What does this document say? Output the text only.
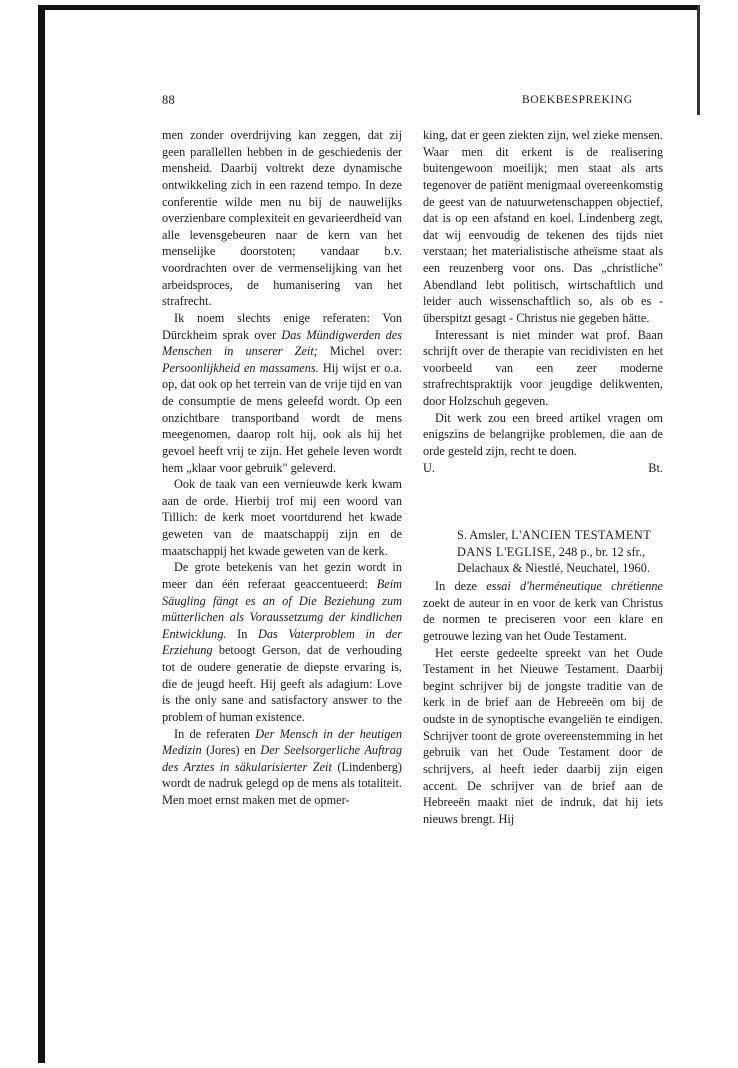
88	BOEKBESPREKING

men zonder overdrijving kan zeggen, dat zij geen parallellen hebben in de geschiedenis der mensheid. Daarbij voltrekt deze dynamische ontwikkeling zich in een razend tempo. In deze conferentie wilde men nu bij de nauwelijks overzienbare complexiteit en gevarieerdheid van alle levensgebeuren naar de kern van het menselijke doorstoten; vandaar b.v. voordrachten over de vermenselijking van het arbeidsproces, de humanisering van het strafrecht.

Ik noem slechts enige referaten: Von Dürckheim sprak over Das Mündigwerden des Menschen in unserer Zeit; Michel over: Persoonlijkheid en massamens. Hij wijst er o.a. op, dat ook op het terrein van de vrije tijd en van de consumptie de mens geleefd wordt. Op een onzichtbare transportband wordt de mens meegenomen, daarop rolt hij, ook als hij het gevoel heeft vrij te zijn. Het gehele leven wordt hem „klaar voor gebruik" geleverd.

Ook de taak van een vernieuwde kerk kwam aan de orde. Hierbij trof mij een woord van Tillich: de kerk moet voortdurend het kwade geweten van de maatschappij zijn en de maatschappij het kwade geweten van de kerk.

De grote betekenis van het gezin wordt in meer dan één referaat geaccentueerd: Beim Säugling fängt es an of Die Beziehung zum mütterlichen als Voraussetzumg der kindlichen Entwicklung. In Das Vaterproblem in der Erziehung betoogt Gerson, dat de verhouding tot de oudere generatie de diepste ervaring is, die de jeugd heeft. Hij geeft als adagium: Love is the only sane and satisfactory answer to the problem of human existence.

In de referaten Der Mensch in der heutigen Medizin (Jores) en Der Seelsorgerliche Auftrag des Arztes in säkularisierter Zeit (Lindenberg) wordt de nadruk gelegd op de mens als totaliteit. Men moet ernst maken met de opmer-

king, dat er geen ziekten zijn, wel zieke mensen. Waar men dit erkent is de realisering buitengewoon moeilijk; men staat als arts tegenover de patiënt menigmaal overeenkomstig de geest van de natuurwetenschappen objectief, dat is op een afstand en koel. Lindenberg zegt, dat wij eenvoudig de tekenen des tijds niet verstaan; het materialistische atheïsme staat als een reuzenberg voor ons. Das „christliche" Abendland lebt politisch, wirtschaftlich und leider auch wissenschaftlich so, als ob es - überspitzt gesagt - Christus nie gegeben hätte.

Interessant is niet minder wat prof. Baan schrijft over de therapie van recidivisten en het voorbeeld van een zeer moderne strafrechtspraktijk voor jeugdige delikwenten, door Holzschuh gegeven.

Dit werk zou een breed artikel vragen om enigszins de belangrijke problemen, die aan de orde gesteld zijn, recht te doen.

U.	Bt.
S. Amsler, L'ANCIEN TESTAMENT DANS L'EGLISE, 248 p., br. 12 sfr., Delachaux & Niestlé, Neuchatel, 1960.

In deze essai d'herméneutique chrétienne zoekt de auteur in en voor de kerk van Christus de normen te preciseren voor een klare en getrouwe lezing van het Oude Testament.

Het eerste gedeelte spreekt van het Oude Testament in het Nieuwe Testament. Daarbij begint schrijver bij de jongste traditie van de kerk in de brief aan de Hebreeën om bij de oudste in de synoptische evangeliën te eindigen. Schrijver toont de grote overeenstemming in het gebruik van het Oude Testament door de schrijvers, al heeft ieder daarbij zijn eigen accent. De schrijver van de brief aan de Hebreeën maakt niet de indruk, dat hij iets nieuws brengt. Hij
